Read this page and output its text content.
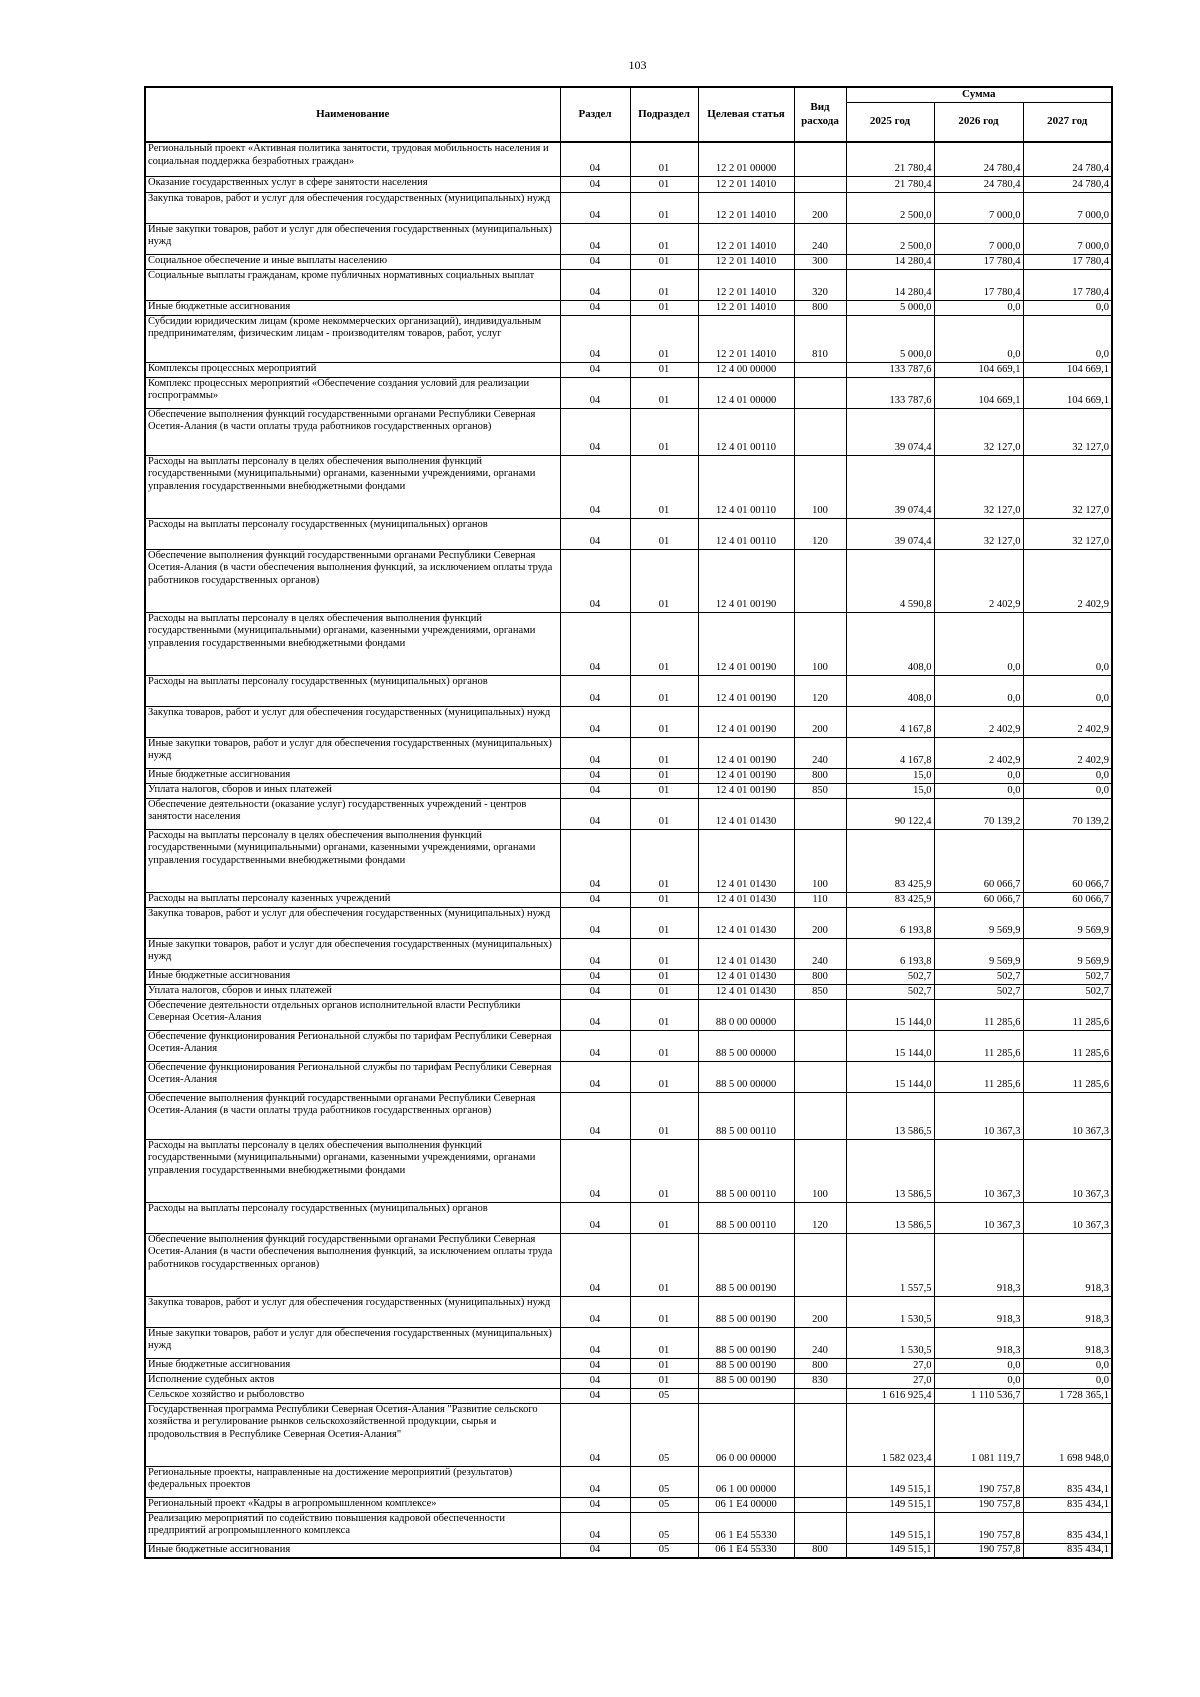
103
Наименование	Раздел	Подраздел	Целевая статья	Вид расхода	Сумма		
					2025 год	2026 год	2027 год
Региональный проект «Активная политика занятости, трудовая мобильность населения и социальная поддержка безработных граждан»	04	01	12 2 01 00000		21 780,4	24 780,4	24 780,4
Оказание государственных услуг в сфере занятости населения	04	01	12 2 01 14010		21 780,4	24 780,4	24 780,4
Закупка товаров, работ и услуг для обеспечения государственных (муниципальных) нужд	04	01	12 2 01 14010	200	2 500,0	7 000,0	7 000,0
Иные закупки товаров, работ и услуг для обеспечения государственных (муниципальных) нужд	04	01	12 2 01 14010	240	2 500,0	7 000,0	7 000,0
Социальное обеспечение и иные выплаты населению	04	01	12 2 01 14010	300	14 280,4	17 780,4	17 780,4
Социальные выплаты гражданам, кроме публичных нормативных социальных выплат	04	01	12 2 01 14010	320	14 280,4	17 780,4	17 780,4
Иные бюджетные ассигнования	04	01	12 2 01 14010	800	5 000,0	0,0	0,0
Субсидии юридическим лицам (кроме некоммерческих организаций), индивидуальным предпринимателям, физическим лицам - производителям товаров, работ, услуг	04	01	12 2 01 14010	810	5 000,0	0,0	0,0
Комплексы процессных мероприятий	04	01	12 4 00 00000		133 787,6	104 669,1	104 669,1
Комплекс процессных мероприятий «Обеспечение создания условий для реализации госпрограммы»	04	01	12 4 01 00000		133 787,6	104 669,1	104 669,1
Обеспечение выполнения функций государственными органами Республики Северная Осетия-Алания (в части оплаты труда работников государственных органов)	04	01	12 4 01 00110		39 074,4	32 127,0	32 127,0
Расходы на выплаты персоналу в целях обеспечения выполнения функций государственными (муниципальными) органами, казенными учреждениями, органами управления государственными внебюджетными фондами	04	01	12 4 01 00110	100	39 074,4	32 127,0	32 127,0
Расходы на выплаты персоналу государственных (муниципальных) органов	04	01	12 4 01 00110	120	39 074,4	32 127,0	32 127,0
Обеспечение выполнения функций государственными органами Республики Северная Осетия-Алания (в части обеспечения выполнения функций, за исключением оплаты труда работников государственных органов)	04	01	12 4 01 00190		4 590,8	2 402,9	2 402,9
Расходы на выплаты персоналу в целях обеспечения выполнения функций государственными (муниципальными) органами, казенными учреждениями, органами управления государственными внебюджетными фондами	04	01	12 4 01 00190	100	408,0	0,0	0,0
Расходы на выплаты персоналу государственных (муниципальных) органов	04	01	12 4 01 00190	120	408,0	0,0	0,0
Закупка товаров, работ и услуг для обеспечения государственных (муниципальных) нужд	04	01	12 4 01 00190	200	4 167,8	2 402,9	2 402,9
Иные закупки товаров, работ и услуг для обеспечения государственных (муниципальных) нужд	04	01	12 4 01 00190	240	4 167,8	2 402,9	2 402,9
Иные бюджетные ассигнования	04	01	12 4 01 00190	800	15,0	0,0	0,0
Уплата налогов, сборов и иных платежей	04	01	12 4 01 00190	850	15,0	0,0	0,0
Обеспечение деятельности (оказание услуг) государственных учреждений - центров занятости населения	04	01	12 4 01 01430		90 122,4	70 139,2	70 139,2
Расходы на выплаты персоналу в целях обеспечения выполнения функций государственными (муниципальными) органами, казенными учреждениями, органами управления государственными внебюджетными фондами	04	01	12 4 01 01430	100	83 425,9	60 066,7	60 066,7
Расходы на выплаты персоналу казенных учреждений	04	01	12 4 01 01430	110	83 425,9	60 066,7	60 066,7
Закупка товаров, работ и услуг для обеспечения государственных (муниципальных) нужд	04	01	12 4 01 01430	200	6 193,8	9 569,9	9 569,9
Иные закупки товаров, работ и услуг для обеспечения государственных (муниципальных) нужд	04	01	12 4 01 01430	240	6 193,8	9 569,9	9 569,9
Иные бюджетные ассигнования	04	01	12 4 01 01430	800	502,7	502,7	502,7
Уплата налогов, сборов и иных платежей	04	01	12 4 01 01430	850	502,7	502,7	502,7
Обеспечение деятельности отдельных органов исполнительной власти Республики Северная Осетия-Алания	04	01	88 0 00 00000		15 144,0	11 285,6	11 285,6
Обеспечение функционирования Региональной службы по тарифам Республики Северная Осетия-Алания	04	01	88 5 00 00000		15 144,0	11 285,6	11 285,6
Обеспечение функционирования Региональной службы по тарифам Республики Северная Осетия-Алания	04	01	88 5 00 00000		15 144,0	11 285,6	11 285,6
Обеспечение выполнения функций государственными органами Республики Северная Осетия-Алания (в части оплаты труда работников государственных органов)	04	01	88 5 00 00110		13 586,5	10 367,3	10 367,3
Расходы на выплаты персоналу в целях обеспечения выполнения функций государственными (муниципальными) органами, казенными учреждениями, органами управления государственными внебюджетными фондами	04	01	88 5 00 00110	100	13 586,5	10 367,3	10 367,3
Расходы на выплаты персоналу государственных (муниципальных) органов	04	01	88 5 00 00110	120	13 586,5	10 367,3	10 367,3
Обеспечение выполнения функций государственными органами Республики Северная Осетия-Алания (в части обеспечения выполнения функций, за исключением оплаты труда работников государственных органов)	04	01	88 5 00 00190		1 557,5	918,3	918,3
Закупка товаров, работ и услуг для обеспечения государственных (муниципальных) нужд	04	01	88 5 00 00190	200	1 530,5	918,3	918,3
Иные закупки товаров, работ и услуг для обеспечения государственных (муниципальных) нужд	04	01	88 5 00 00190	240	1 530,5	918,3	918,3
Иные бюджетные ассигнования	04	01	88 5 00 00190	800	27,0	0,0	0,0
Исполнение судебных актов	04	01	88 5 00 00190	830	27,0	0,0	0,0
Сельское хозяйство и рыболовство	04	05			1 616 925,4	1 110 536,7	1 728 365,1
Государственная программа Республики Северная Осетия-Алания "Развитие сельского хозяйства и регулирование рынков сельскохозяйственной продукции, сырья и продовольствия в Республике Северная Осетия-Алания"	04	05	06 0 00 00000		1 582 023,4	1 081 119,7	1 698 948,0
Региональные проекты, направленные на достижение мероприятий (результатов) федеральных проектов	04	05	06 1 00 00000		149 515,1	190 757,8	835 434,1
Региональный проект «Кадры в агропромышленном комплексе»	04	05	06 1 E4 00000		149 515,1	190 757,8	835 434,1
Реализацию мероприятий по содействию повышения кадровой обеспеченности предприятий агропромышленного комплекса	04	05	06 1 E4 55330		149 515,1	190 757,8	835 434,1
Иные бюджетные ассигнования	04	05	06 1 E4 55330	800	149 515,1	190 757,8	835 434,1
